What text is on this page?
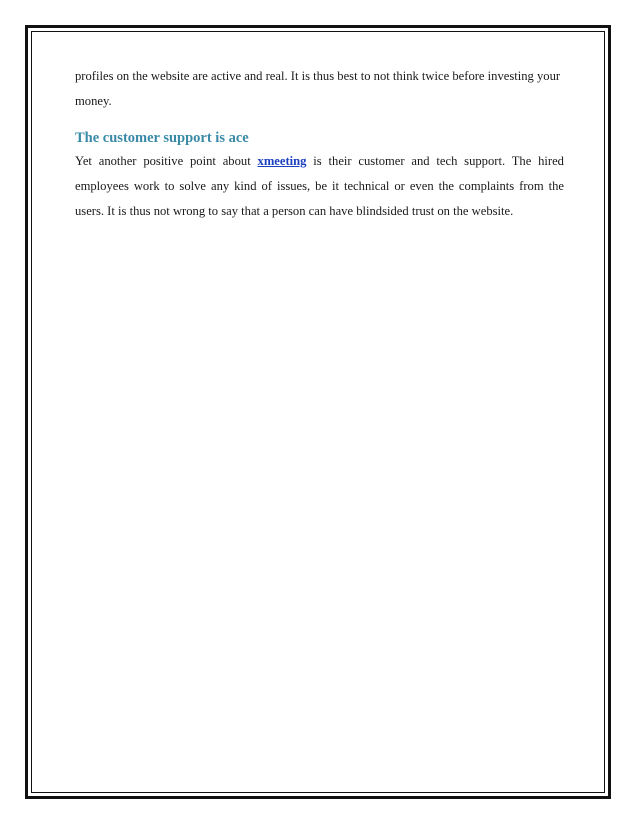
profiles on the website are active and real. It is thus best to not think twice before investing your money.

The customer support is ace

Yet another positive point about xmeeting is their customer and tech support. The hired employees work to solve any kind of issues, be it technical or even the complaints from the users. It is thus not wrong to say that a person can have blindsided trust on the website.
